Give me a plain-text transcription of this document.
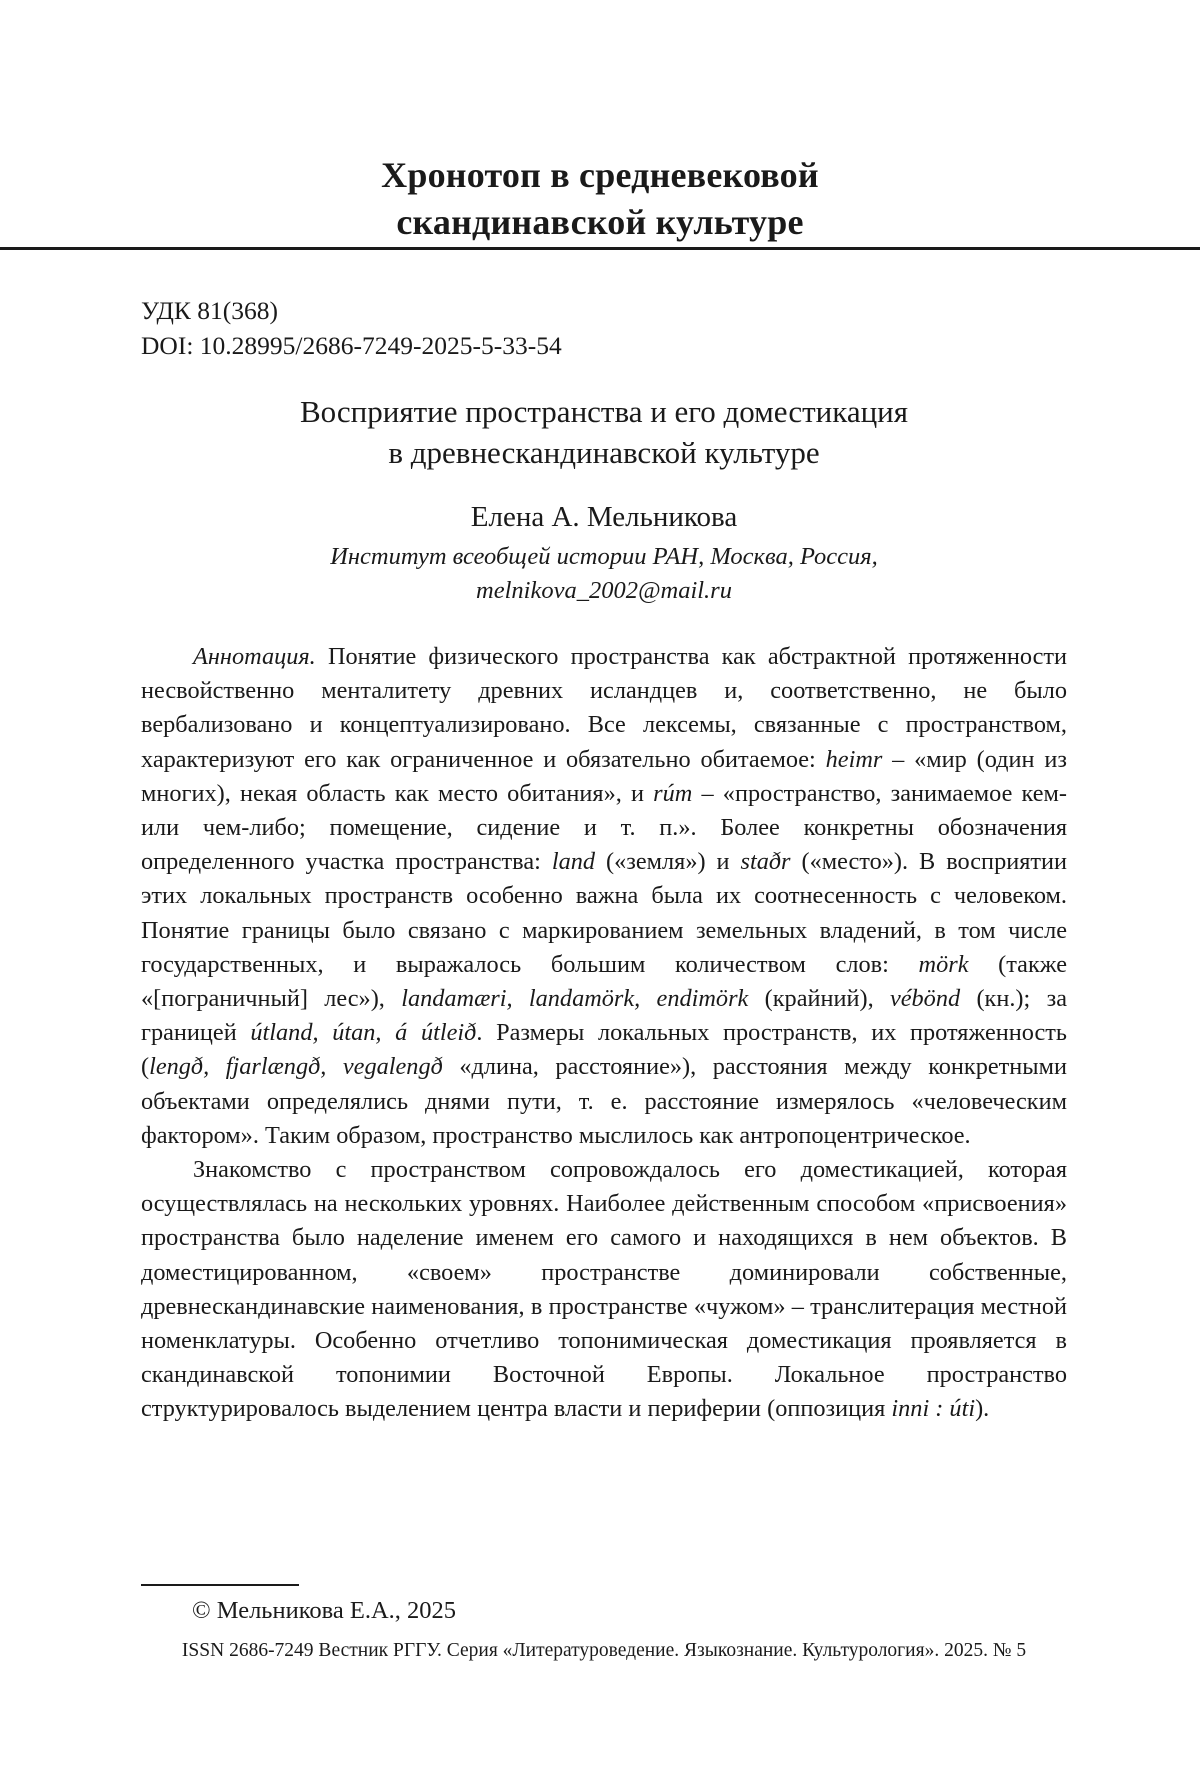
Хронотоп в средневековой
скандинавской культуре
УДК 81(368)
DOI: 10.28995/2686-7249-2025-5-33-54
Восприятие пространства и его доместикация
в древнескандинавской культуре
Елена А. Мельникова
Институт всеобщей истории РАН, Москва, Россия,
melnikova_2002@mail.ru

Аннотация. Понятие физического пространства как абстрактной протяженности несвойственно менталитету древних исландцев и, соответственно, не было вербализовано и концептуализировано. Все лексемы, связанные с пространством, характеризуют его как ограниченное и обязательно обитаемое: heimr – «мир (один из многих), некая область как место обитания», и rúm – «пространство, занимаемое кем- или чем-либо; помещение, сидение и т. п.». Более конкретны обозначения определенного участка пространства: land («земля») и staðr («место»). В восприятии этих локальных пространств особенно важна была их соотнесенность с человеком. Понятие границы было связано с маркированием земельных владений, в том числе государственных, и выражалось большим количеством слов: mörk (также «[пограничный] лес»), landamæri, landamörk, endimörk (крайний), vébönd (кн.); за границей útland, útan, á útleið. Размеры локальных пространств, их протяженность (lengð, fjarlængð, vegalengð «длина, расстояние»), расстояния между конкретными объектами определялись днями пути, т. е. расстояние измерялось «человеческим фактором». Таким образом, пространство мыслилось как антропоцентрическое.

Знакомство с пространством сопровождалось его доместикацией, которая осуществлялась на нескольких уровнях. Наиболее действенным способом «присвоения» пространства было наделение именем его самого и находящихся в нем объектов. В доместицированном, «своем» пространстве доминировали собственные, древнескандинавские наименования, в пространстве «чужом» – транслитерация местной номенклатуры. Особенно отчетливо топонимическая доместикация проявляется в скандинавской топонимии Восточной Европы. Локальное пространство структурировалось выделением центра власти и периферии (оппозиция inni : úti).

© Мельникова Е.А., 2025
ISSN 2686-7249 Вестник РГГУ. Серия «Литературоведение. Языкознание. Культурология». 2025. № 5
